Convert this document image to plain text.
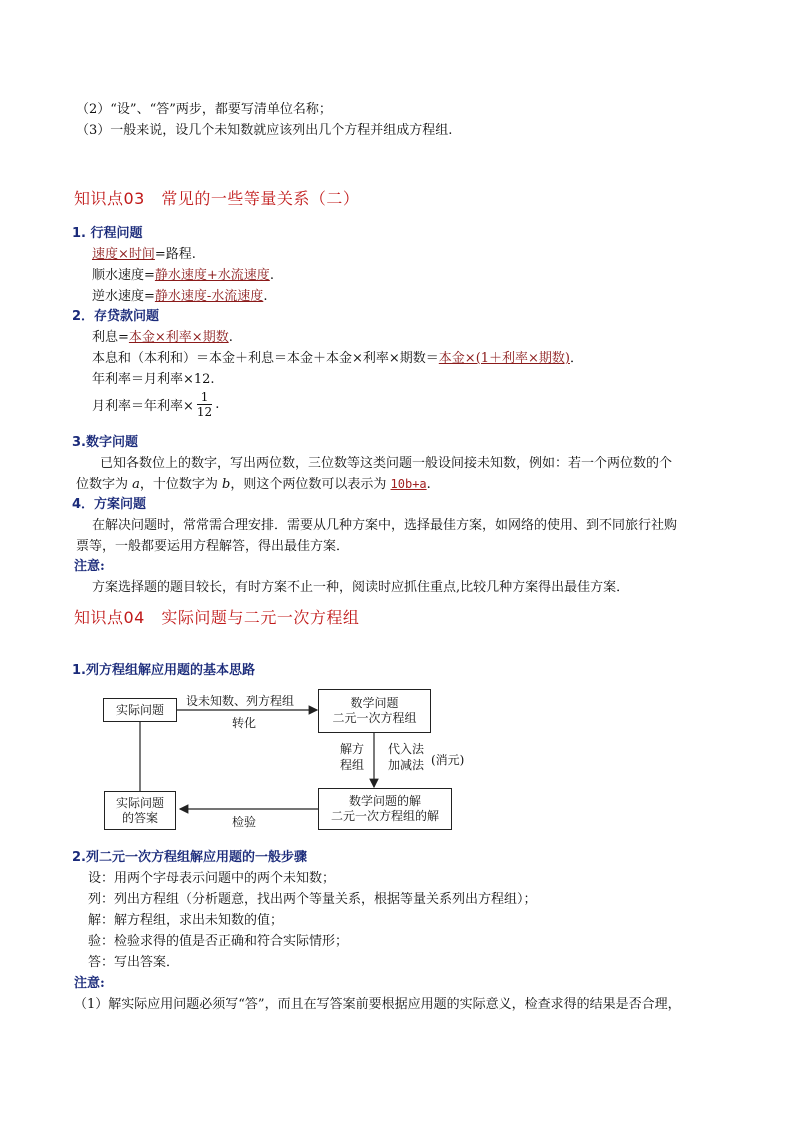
（2）“设”、“答”两步，都要写清单位名称；
（3）一般来说，设几个未知数就应该列出几个方程并组成方程组.
知识点03　常见的一些等量关系（二）
1. 行程问题
速度×时间=路程.
顺水速度=静水速度+水流速度.
逆水速度=静水速度-水流速度.
2．存贷款问题
利息=本金×利率×期数.
本息和（本利和）＝本金＋利息＝本金＋本金×利率×期数＝本金×(1＋利率×期数)．
年利率＝月利率×12.
月利率＝年利率× $\frac{1}{12}$ .
3.数字问题
已知各数位上的数字，写出两位数，三位数等这类问题一般设间接未知数，例如：若一个两位数的个
位数字为 a，十位数字为 b，则这个两位数可以表示为 10b+a.
4．方案问题
在解决问题时，常常需合理安排．需要从几种方案中，选择最佳方案，如网络的使用、到不同旅行社购
票等，一般都要运用方程解答，得出最佳方案．
注意:
方案选择题的题目较长，有时方案不止一种，阅读时应抓住重点,比较几种方案得出最佳方案．
知识点04　实际问题与二元一次方程组
1.列方程组解应用题的基本思路
实际问题	数学问题
二元一次方程组
数学问题的解
二元一次方程组的解
实际问题
的答案
设未知数、列方程组
转化
解方
程组
代入法
加减法 (消元)
检验
2.列二元一次方程组解应用题的一般步骤
设：用两个字母表示问题中的两个未知数；
列：列出方程组（分析题意，找出两个等量关系，根据等量关系列出方程组）；
解：解方程组，求出未知数的值；
验：检验求得的值是否正确和符合实际情形；
答：写出答案．
注意:
（1）解实际应用问题必须写“答”，而且在写答案前要根据应用题的实际意义，检查求得的结果是否合理，
